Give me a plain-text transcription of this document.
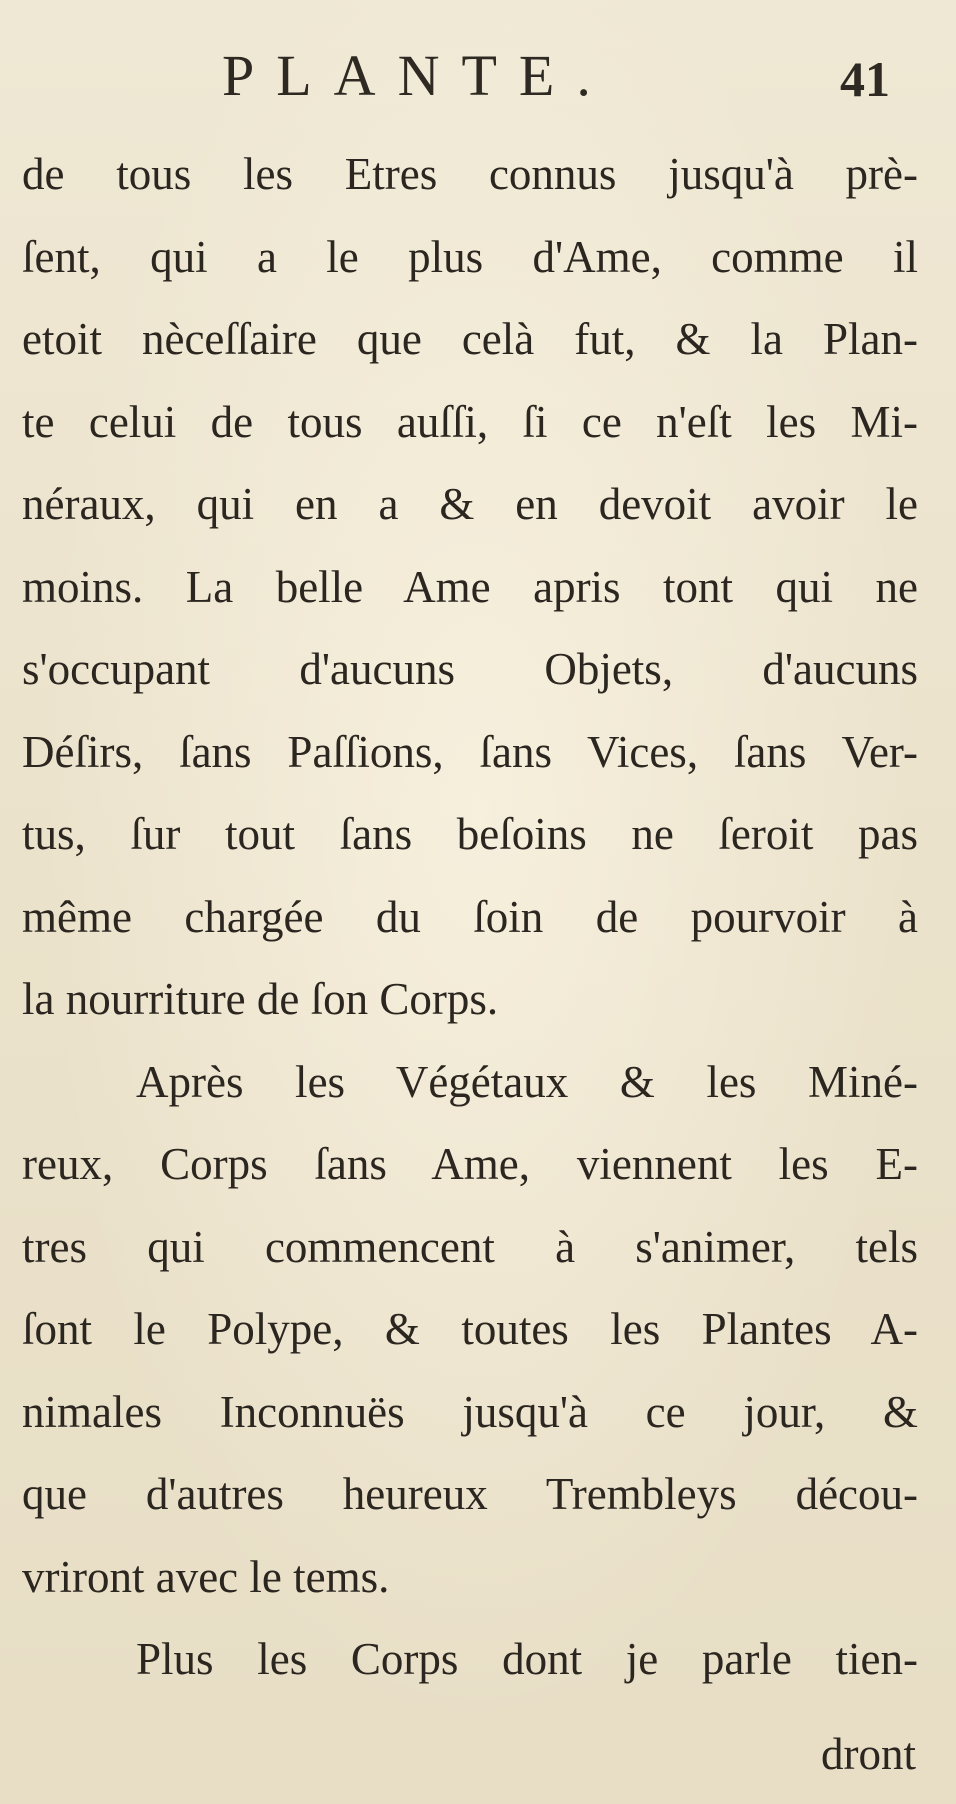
PLANTE.	41
de tous les Etres connus jusqu'à prè-
ſent, qui a le plus d'Ame, comme il
etoit nèceſſaire que celà fut, & la Plan-
te celui de tous auſſi, ſi ce n'eſt les Mi-
néraux, qui en a & en devoit avoir le
moins. La belle Ame apris tont qui ne
s'occupant d'aucuns Objets, d'aucuns
Déſirs, ſans Paſſions, ſans Vices, ſans Ver-
tus, ſur tout ſans beſoins ne ſeroit pas
même chargée du ſoin de pourvoir à
la nourriture de ſon Corps.
Après les Végétaux & les Miné-
reux, Corps ſans Ame, viennent les E-
tres qui commencent à s'animer, tels
ſont le Polype, & toutes les Plantes A-
nimales Inconnuës jusqu'à ce jour, &
que d'autres heureux Trembleys décou-
vriront avec le tems.
Plus les Corps dont je parle tien-
dront
